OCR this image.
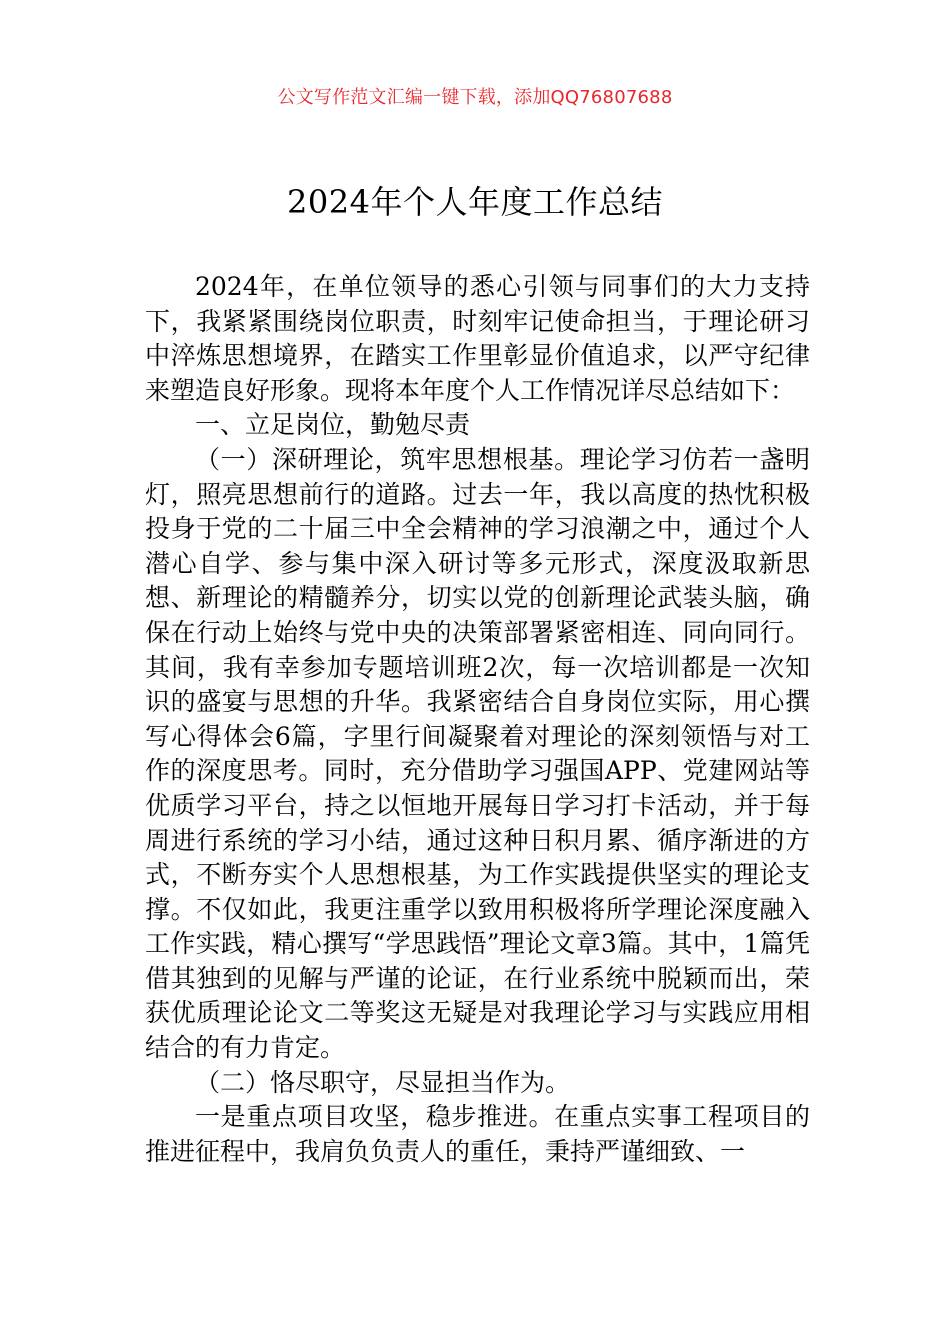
公文写作范文汇编一键下载，添加QQ76807688
2024年个人年度工作总结

2024年，在单位领导的悉心引领与同事们的大力支持下，我紧紧围绕岗位职责，时刻牢记使命担当，于理论研习中淬炼思想境界，在踏实工作里彰显价值追求，以严守纪律来塑造良好形象。现将本年度个人工作情况详尽总结如下：

一、立足岗位，勤勉尽责

（一）深研理论，筑牢思想根基。理论学习仿若一盏明灯，照亮思想前行的道路。过去一年，我以高度的热忱积极投身于党的二十届三中全会精神的学习浪潮之中，通过个人潜心自学、参与集中深入研讨等多元形式，深度汲取新思想、新理论的精髓养分，切实以党的创新理论武装头脑，确保在行动上始终与党中央的决策部署紧密相连、同向同行。其间，我有幸参加专题培训班2次，每一次培训都是一次知识的盛宴与思想的升华。我紧密结合自身岗位实际，用心撰写心得体会6篇，字里行间凝聚着对理论的深刻领悟与对工作的深度思考。同时，充分借助学习强国APP、党建网站等优质学习平台，持之以恒地开展每日学习打卡活动，并于每周进行系统的学习小结，通过这种日积月累、循序渐进的方式，不断夯实个人思想根基，为工作实践提供坚实的理论支撑。不仅如此，我更注重学以致用积极将所学理论深度融入工作实践，精心撰写“学思践悟”理论文章3篇。其中，1篇凭借其独到的见解与严谨的论证，在行业系统中脱颖而出，荣获优质理论论文二等奖这无疑是对我理论学习与实践应用相结合的有力肯定。

（二）恪尽职守，尽显担当作为。

一是重点项目攻坚，稳步推进。在重点实事工程项目的推进征程中，我肩负负责人的重任，秉持严谨细致、一
